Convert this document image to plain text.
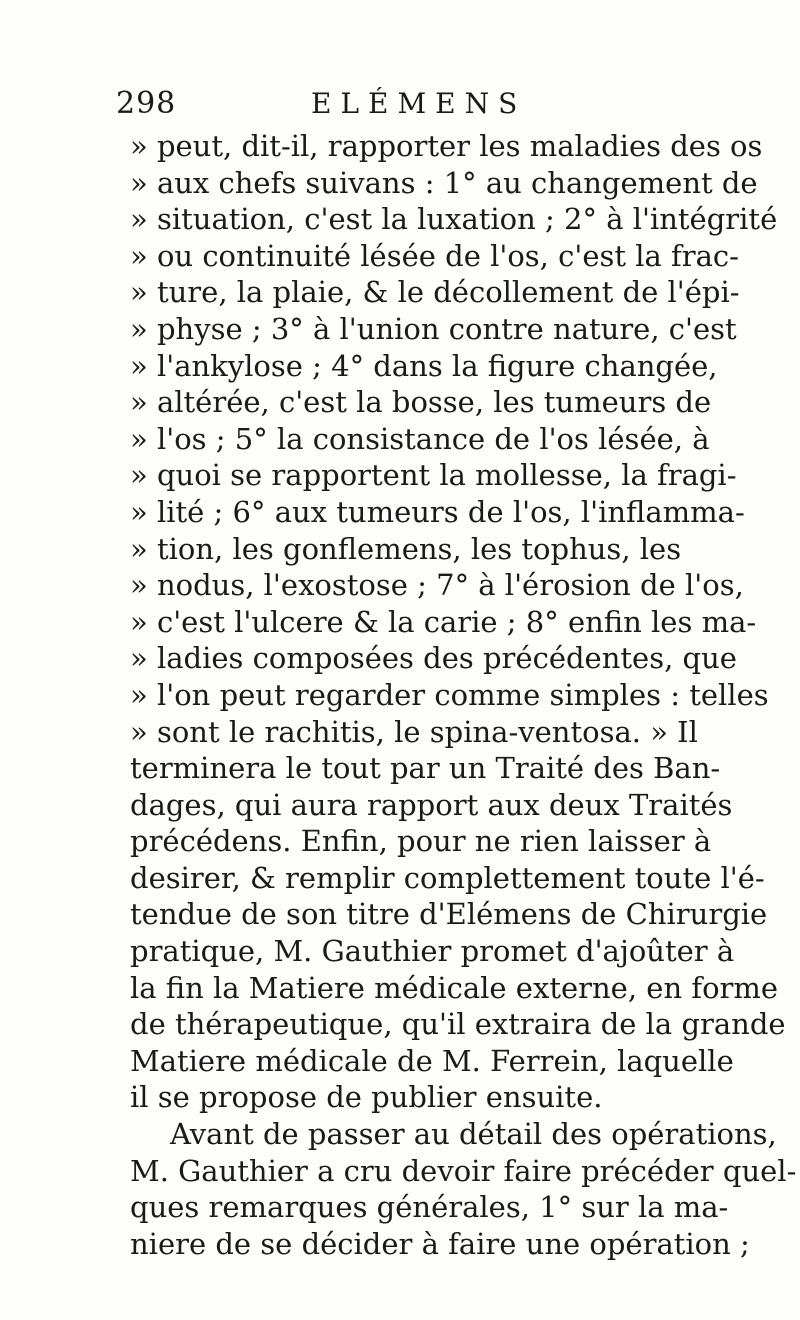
298	ELÉMENS
» peut, dit-il, rapporter les maladies des os
» aux chefs suivans : 1° au changement de
» situation, c'est la luxation ; 2° à l'intégrité
» ou continuité lésée de l'os, c'est la frac-
» ture, la plaie, & le décollement de l'épi-
» physe ; 3° à l'union contre nature, c'est
» l'ankylose ; 4° dans la figure changée,
» altérée, c'est la bosse, les tumeurs de
» l'os ; 5° la consistance de l'os lésée, à
» quoi se rapportent la mollesse, la fragi-
» lité ; 6° aux tumeurs de l'os, l'inflamma-
» tion, les gonflemens, les tophus, les
» nodus, l'exostose ; 7° à l'érosion de l'os,
» c'est l'ulcere & la carie ; 8° enfin les ma-
» ladies composées des précédentes, que
» l'on peut regarder comme simples : telles
» sont le rachitis, le spina-ventosa. » Il
terminera le tout par un Traité des Ban-
dages, qui aura rapport aux deux Traités
précédens. Enfin, pour ne rien laisser à
desirer, & remplir complettement toute l'é-
tendue de son titre d'Elémens de Chirurgie
pratique, M. Gauthier promet d'ajoûter à
la fin la Matiere médicale externe, en forme
de thérapeutique, qu'il extraira de la grande
Matiere médicale de M. Ferrein, laquelle
il se propose de publier ensuite.
Avant de passer au détail des opérations,
M. Gauthier a cru devoir faire précéder quel-
ques remarques générales, 1° sur la ma-
niere de se décider à faire une opération ;
